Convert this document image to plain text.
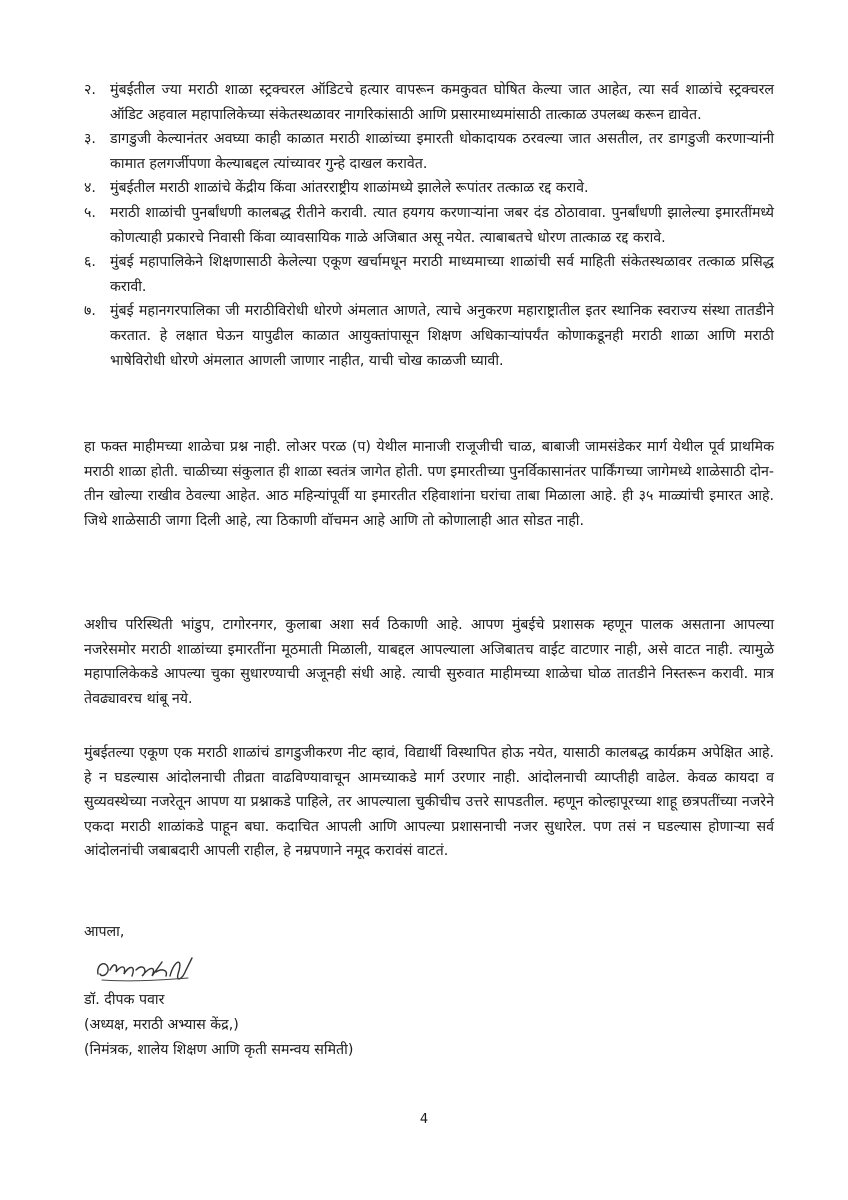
२. मुंबईतील ज्या मराठी शाळा स्ट्रक्चरल ऑडिटचे हत्यार वापरून कमकुवत घोषित केल्या जात आहेत, त्या सर्व शाळांचे स्ट्रक्चरल ऑडिट अहवाल महापालिकेच्या संकेतस्थळावर नागरिकांसाठी आणि प्रसारमाध्यमांसाठी तात्काळ उपलब्ध करून द्यावेत.
३. डागडुजी केल्यानंतर अवघ्या काही काळात मराठी शाळांच्या इमारती धोकादायक ठरवल्या जात असतील, तर डागडुजी करणाऱ्यांनी कामात हलगर्जीपणा केल्याबद्दल त्यांच्यावर गुन्हे दाखल करावेत.
४. मुंबईतील मराठी शाळांचे केंद्रीय किंवा आंतरराष्ट्रीय शाळांमध्ये झालेले रूपांतर तत्काळ रद्द करावे.
५. मराठी शाळांची पुनर्बांधणी कालबद्ध रीतीने करावी. त्यात हयगय करणाऱ्यांना जबर दंड ठोठावावा. पुनर्बांधणी झालेल्या इमारतींमध्ये कोणत्याही प्रकारचे निवासी किंवा व्यावसायिक गाळे अजिबात असू नयेत. त्याबाबतचे धोरण तात्काळ रद्द करावे.
६. मुंबई महापालिकेने शिक्षणासाठी केलेल्या एकूण खर्चामधून मराठी माध्यमाच्या शाळांची सर्व माहिती संकेतस्थळावर तत्काळ प्रसिद्ध करावी.
७. मुंबई महानगरपालिका जी मराठीविरोधी धोरणे अंमलात आणते, त्याचे अनुकरण महाराष्ट्रातील इतर स्थानिक स्वराज्य संस्था तातडीने करतात. हे लक्षात घेऊन यापुढील काळात आयुक्तांपासून शिक्षण अधिकाऱ्यांपर्यंत कोणाकडूनही मराठी शाळा आणि मराठी भाषेविरोधी धोरणे अंमलात आणली जाणार नाहीत, याची चोख काळजी घ्यावी.

हा फक्त माहीमच्या शाळेचा प्रश्न नाही. लोअर परळ (प) येथील मानाजी राजूजीची चाळ, बाबाजी जामसंडेकर मार्ग येथील पूर्व प्राथमिक मराठी शाळा होती. चाळीच्या संकुलात ही शाळा स्वतंत्र जागेत होती. पण इमारतीच्या पुनर्विकासानंतर पार्किंगच्या जागेमध्ये शाळेसाठी दोन-तीन खोल्या राखीव ठेवल्या आहेत. आठ महिन्यांपूर्वी या इमारतीत रहिवाशांना घरांचा ताबा मिळाला आहे. ही ३५ माळ्यांची इमारत आहे. जिथे शाळेसाठी जागा दिली आहे, त्या ठिकाणी वॉचमन आहे आणि तो कोणालाही आत सोडत नाही.

अशीच परिस्थिती भांडुप, टागोरनगर, कुलाबा अशा सर्व ठिकाणी आहे. आपण मुंबईचे प्रशासक म्हणून पालक असताना आपल्या नजरेसमोर मराठी शाळांच्या इमारतींना मूठमाती मिळाली, याबद्दल आपल्याला अजिबातच वाईट वाटणार नाही, असे वाटत नाही. त्यामुळे महापालिकेकडे आपल्या चुका सुधारण्याची अजूनही संधी आहे. त्याची सुरुवात माहीमच्या शाळेचा घोळ तातडीने निस्तरून करावी. मात्र तेवढ्यावरच थांबू नये.

मुंबईतल्या एकूण एक मराठी शाळांचं डागडुजीकरण नीट व्हावं, विद्यार्थी विस्थापित होऊ नयेत, यासाठी कालबद्ध कार्यक्रम अपेक्षित आहे. हे न घडल्यास आंदोलनाची तीव्रता वाढविण्यावाचून आमच्याकडे मार्ग उरणार नाही. आंदोलनाची व्याप्तीही वाढेल. केवळ कायदा व सुव्यवस्थेच्या नजरेतून आपण या प्रश्नाकडे पाहिले, तर आपल्याला चुकीचीच उत्तरे सापडतील. म्हणून कोल्हापूरच्या शाहू छत्रपतींच्या नजरेने एकदा मराठी शाळांकडे पाहून बघा. कदाचित आपली आणि आपल्या प्रशासनाची नजर सुधारेल. पण तसं न घडल्यास होणाऱ्या सर्व आंदोलनांची जबाबदारी आपली राहील, हे नम्रपणाने नमूद करावंसं वाटतं.

आपला,
डॉ. दीपक पवार
(अध्यक्ष, मराठी अभ्यास केंद्र,)
(निमंत्रक, शालेय शिक्षण आणि कृती समन्वय समिती)
4
